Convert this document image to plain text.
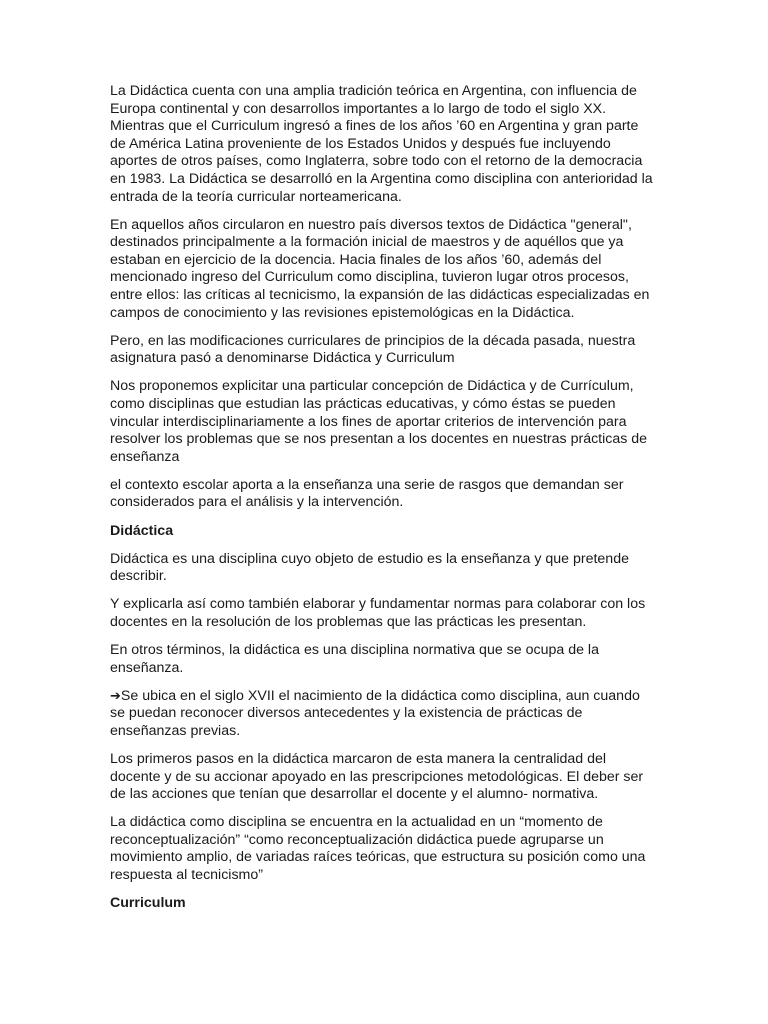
La Didáctica cuenta con una amplia tradición teórica en Argentina, con influencia de
Europa continental y con desarrollos importantes a lo largo de todo el siglo XX.
Mientras que el Curriculum ingresó a fines de los años ’60 en Argentina y gran parte
de América Latina proveniente de los Estados Unidos y después fue incluyendo
aportes de otros países, como Inglaterra, sobre todo con el retorno de la democracia
en 1983. La Didáctica se desarrolló en la Argentina como disciplina con anterioridad la
entrada de la teoría curricular norteamericana.

En aquellos años circularon en nuestro país diversos textos de Didáctica "general",
destinados principalmente a la formación inicial de maestros y de aquéllos que ya
estaban en ejercicio de la docencia. Hacia finales de los años ’60, además del
mencionado ingreso del Curriculum como disciplina, tuvieron lugar otros procesos,
entre ellos: las críticas al tecnicismo, la expansión de las didácticas especializadas en
campos de conocimiento y las revisiones epistemológicas en la Didáctica.

Pero, en las modificaciones curriculares de principios de la década pasada, nuestra
asignatura pasó a denominarse Didáctica y Curriculum

Nos proponemos explicitar una particular concepción de Didáctica y de Currículum,
como disciplinas que estudian las prácticas educativas, y cómo éstas se pueden
vincular interdisciplinariamente a los fines de aportar criterios de intervención para
resolver los problemas que se nos presentan a los docentes en nuestras prácticas de
enseñanza

el contexto escolar aporta a la enseñanza una serie de rasgos que demandan ser
considerados para el análisis y la intervención.

Didáctica

Didáctica es una disciplina cuyo objeto de estudio es la enseñanza y que pretende
describir.

Y explicarla así como también elaborar y fundamentar normas para colaborar con los
docentes en la resolución de los problemas que las prácticas les presentan.

En otros términos, la didáctica es una disciplina normativa que se ocupa de la
enseñanza.

➔Se ubica en el siglo XVII el nacimiento de la didáctica como disciplina, aun cuando
se puedan reconocer diversos antecedentes y la existencia de prácticas de
enseñanzas previas.

Los primeros pasos en la didáctica marcaron de esta manera la centralidad del
docente y de su accionar apoyado en las prescripciones metodológicas. El deber ser
de las acciones que tenían que desarrollar el docente y el alumno- normativa.

La didáctica como disciplina se encuentra en la actualidad en un “momento de
reconceptualización” “como reconceptualización didáctica puede agruparse un
movimiento amplio, de variadas raíces teóricas, que estructura su posición como una
respuesta al tecnicismo”

Curriculum
